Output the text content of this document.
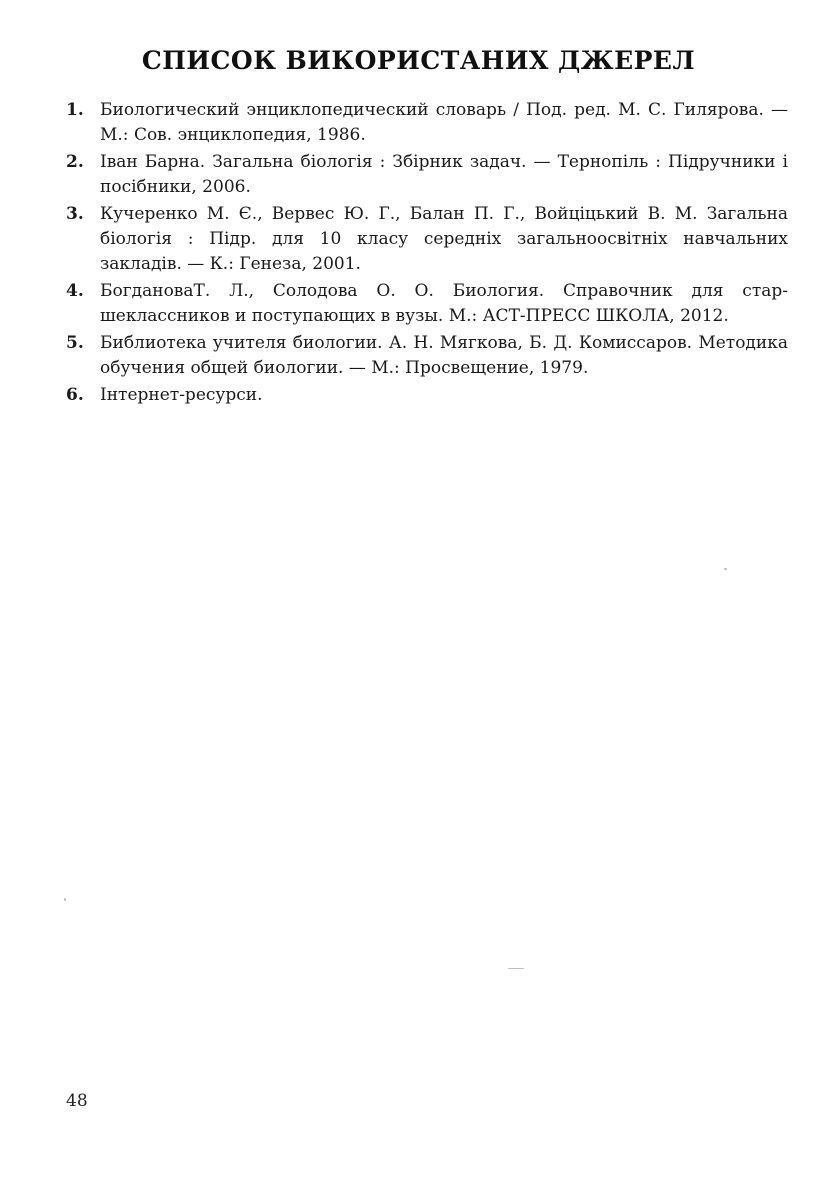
СПИСОК ВИКОРИСТАНИХ ДЖЕРЕЛ
1. Биологический энциклопедический словарь / Под. ред. М. С. Гилярова. — М.: Сов. энциклопедия, 1986.
2. Іван Барна. Загальна біологія : Збірник задач. — Тернопіль : Підручники і посібники, 2006.
3. Кучеренко М. Є., Вервес Ю. Г., Балан П. Г., Войціцький В. М. Загальна біологія : Підр. для 10 класу середніх загальноосвітніх навчальних закладів. — К.: Генеза, 2001.
4. БогдановаТ. Л., Солодова О. О. Биология. Справочник для старшеклассников и поступающих в вузы. М.: АСТ-ПРЕСС ШКОЛА, 2012.
5. Библиотека учителя биологии. А. Н. Мягкова, Б. Д. Комиссаров. Методика обучения общей биологии. — М.: Просвещение, 1979.
6. Інтернет-ресурси.
48
